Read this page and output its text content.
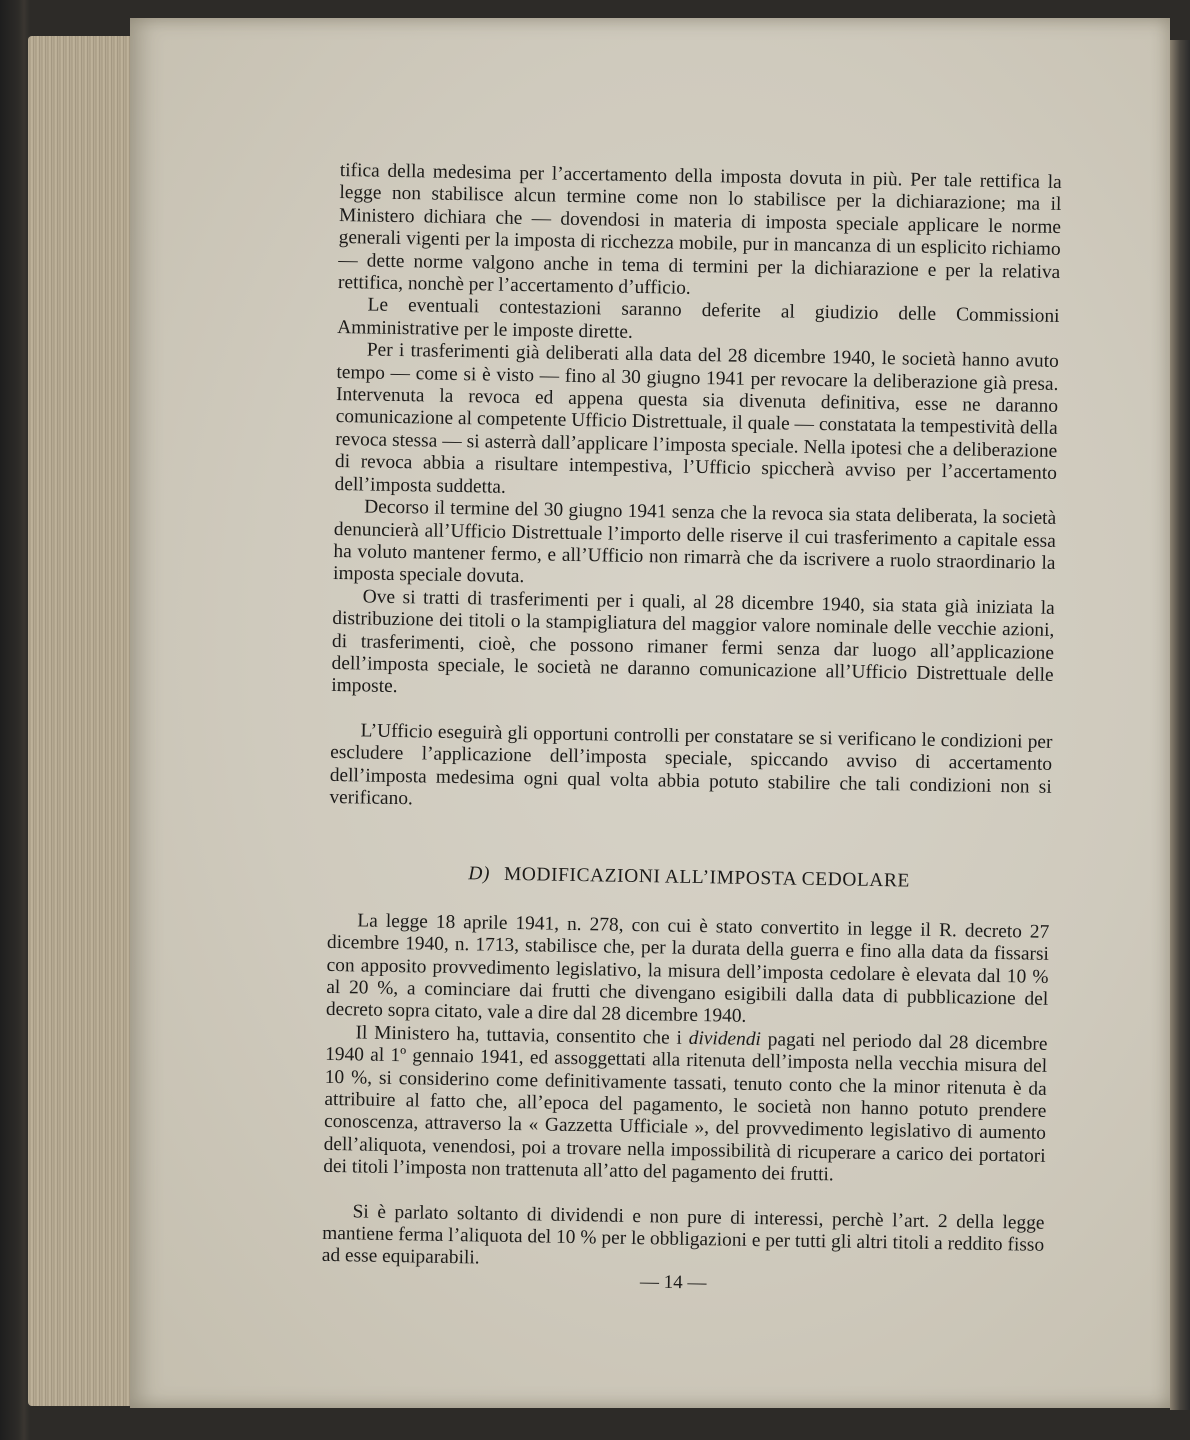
tifica della medesima per l’accertamento della imposta dovuta in più. Per tale rettifica la legge non stabilisce alcun termine come non lo stabilisce per la dichiarazione; ma il Ministero dichiara che — dovendosi in materia di imposta speciale applicare le norme generali vigenti per la imposta di ricchezza mobile, pur in mancanza di un esplicito richiamo — dette norme valgono anche in tema di termini per la dichiarazione e per la relativa rettifica, nonchè per l’accertamento d’ufficio.

Le eventuali contestazioni saranno deferite al giudizio delle Commissioni Amministrative per le imposte dirette.

Per i trasferimenti già deliberati alla data del 28 dicembre 1940, le società hanno avuto tempo — come si è visto — fino al 30 giugno 1941 per revocare la deliberazione già presa. Intervenuta la revoca ed appena questa sia divenuta definitiva, esse ne daranno comunicazione al competente Ufficio Distrettuale, il quale — constatata la tempestività della revoca stessa — si asterrà dall’applicare l’imposta speciale. Nella ipotesi che a deliberazione di revoca abbia a risultare intempestiva, l’Ufficio spiccherà avviso per l’accertamento dell’imposta suddetta.

Decorso il termine del 30 giugno 1941 senza che la revoca sia stata deliberata, la società denuncierà all’Ufficio Distrettuale l’importo delle riserve il cui trasferimento a capitale essa ha voluto mantener fermo, e all’Ufficio non rimarrà che da iscrivere a ruolo straordinario la imposta speciale dovuta.

Ove si tratti di trasferimenti per i quali, al 28 dicembre 1940, sia stata già iniziata la distribuzione dei titoli o la stampigliatura del maggior valore nominale delle vecchie azioni, di trasferimenti, cioè, che possono rimaner fermi senza dar luogo all’applicazione dell’imposta speciale, le società ne daranno comunicazione all’Ufficio Distrettuale delle imposte.

L’Ufficio eseguirà gli opportuni controlli per constatare se si verificano le condizioni per escludere l’applicazione dell’imposta speciale, spiccando avviso di accertamento dell’imposta medesima ogni qual volta abbia potuto stabilire che tali condizioni non si verificano.

D) MODIFICAZIONI ALL’IMPOSTA CEDOLARE

La legge 18 aprile 1941, n. 278, con cui è stato convertito in legge il R. decreto 27 dicembre 1940, n. 1713, stabilisce che, per la durata della guerra e fino alla data da fissarsi con apposito provvedimento legislativo, la misura dell’imposta cedolare è elevata dal 10 % al 20 %, a cominciare dai frutti che divengano esigibili dalla data di pubblicazione del decreto sopra citato, vale a dire dal 28 dicembre 1940.

Il Ministero ha, tuttavia, consentito che i dividendi pagati nel periodo dal 28 dicembre 1940 al 1º gennaio 1941, ed assoggettati alla ritenuta dell’imposta nella vecchia misura del 10 %, si considerino come definitivamente tassati, tenuto conto che la minor ritenuta è da attribuire al fatto che, all’epoca del pagamento, le società non hanno potuto prendere conoscenza, attraverso la « Gazzetta Ufficiale », del provvedimento legislativo di aumento dell’aliquota, venendosi, poi a trovare nella impossibilità di ricuperare a carico dei portatori dei titoli l’imposta non trattenuta all’atto del pagamento dei frutti.

Si è parlato soltanto di dividendi e non pure di interessi, perchè l’art. 2 della legge mantiene ferma l’aliquota del 10 % per le obbligazioni e per tutti gli altri titoli a reddito fisso ad esse equiparabili.

— 14 —
